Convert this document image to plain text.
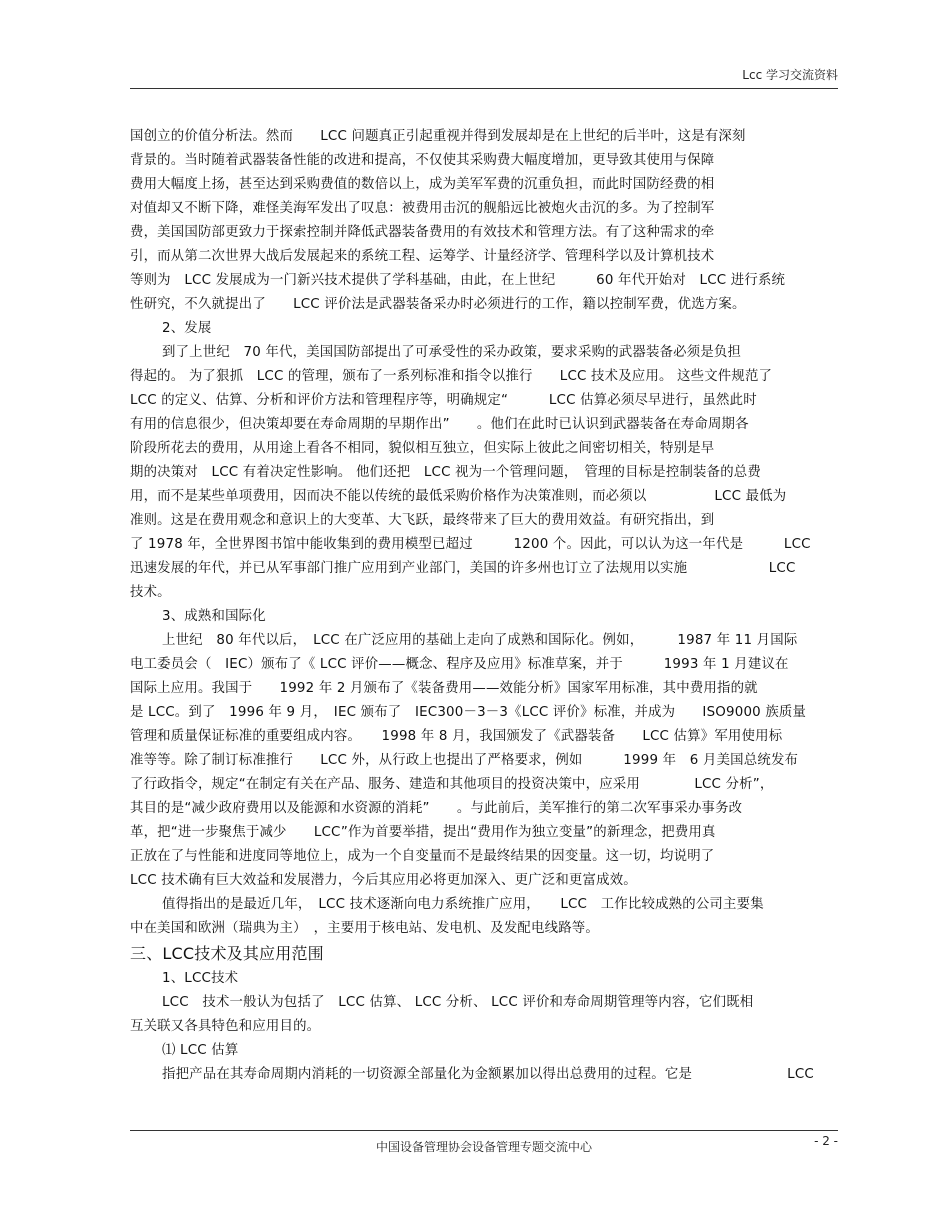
Lcc 学习交流资料
国创立的价值分析法。然而　　LCC 问题真正引起重视并得到发展却是在上世纪的后半叶，这是有深刻
背景的。当时随着武器装备性能的改进和提高，不仅使其采购费大幅度增加，更导致其使用与保障
费用大幅度上扬，甚至达到采购费值的数倍以上，成为美军军费的沉重负担，而此时国防经费的相
对值却又不断下降，难怪美海军发出了叹息：被费用击沉的舰船远比被炮火击沉的多。为了控制军
费，美国国防部更致力于探索控制并降低武器装备费用的有效技术和管理方法。有了这种需求的牵
引，而从第二次世界大战后发展起来的系统工程、运筹学、计量经济学、管理科学以及计算机技术
等则为　LCC 发展成为一门新兴技术提供了学科基础，由此，在上世纪　　　60 年代开始对　LCC 进行系统
性研究，不久就提出了　　LCC 评价法是武器装备采办时必须进行的工作，籍以控制军费，优选方案。
2、发展
到了上世纪　70 年代，美国国防部提出了可承受性的采办政策，要求采购的武器装备必须是负担
得起的。 为了狠抓　LCC 的管理，颁布了一系列标准和指令以推行　　LCC 技术及应用。 这些文件规范了
LCC 的定义、估算、分析和评价方法和管理程序等，明确规定“　　　LCC 估算必须尽早进行，虽然此时
有用的信息很少，但决策却要在寿命周期的早期作出”　　。他们在此时已认识到武器装备在寿命周期各
阶段所花去的费用，从用途上看各不相同，貌似相互独立，但实际上彼此之间密切相关，特别是早
期的决策对　LCC 有着决定性影响。 他们还把　LCC 视为一个管理问题，　管理的目标是控制装备的总费
用，而不是某些单项费用，因而决不能以传统的最低采购价格作为决策准则，而必须以　　　　　LCC 最低为
准则。这是在费用观念和意识上的大变革、大飞跃，最终带来了巨大的费用效益。有研究指出，到
了 1978 年，全世界图书馆中能收集到的费用模型已超过　　　1200 个。因此，可以认为这一年代是　　　LCC
迅速发展的年代，并已从军事部门推广应用到产业部门，美国的许多州也订立了法规用以实施　　　　　　LCC
技术。
3、成熟和国际化
上世纪　80 年代以后，　LCC 在广泛应用的基础上走向了成熟和国际化。例如，　　　1987 年 11 月国际
电工委员会（　IEC）颁布了《 LCC 评价——概念、程序及应用》标准草案，并于　　　1993 年 1 月建议在
国际上应用。我国于　　1992 年 2 月颁布了《装备费用——效能分析》国家军用标准，其中费用指的就
是 LCC。到了　1996 年 9 月，　IEC 颁布了　IEC300－3－3《LCC 评价》标准，并成为　　ISO9000 族质量
管理和质量保证标准的重要组成内容。　　1998 年 8 月，我国颁发了《武器装备　　LCC 估算》军用使用标
准等等。除了制订标准推行　　LCC 外，从行政上也提出了严格要求，例如　　　1999 年　6 月美国总统发布
了行政指令，规定“在制定有关在产品、服务、建造和其他项目的投资决策中，应采用　　　　LCC 分析”，
其目的是“减少政府费用以及能源和水资源的消耗”　　。与此前后，美军推行的第二次军事采办事务改
革，把“进一步聚焦于减少　　LCC”作为首要举措，提出“费用作为独立变量”的新理念，把费用真
正放在了与性能和进度同等地位上，成为一个自变量而不是最终结果的因变量。这一切，均说明了
LCC 技术确有巨大效益和发展潜力，今后其应用必将更加深入、更广泛和更富成效。
值得指出的是最近几年，　LCC 技术逐渐向电力系统推广应用，　　LCC　工作比较成熟的公司主要集
中在美国和欧洲（瑞典为主）　，主要用于核电站、发电机、及发配电线路等。
三、LCC技术及其应用范围
1、LCC技术
LCC　技术一般认为包括了　LCC 估算、 LCC 分析、 LCC 评价和寿命周期管理等内容，它们既相
互关联又各具特色和应用目的。
⑴ LCC 估算
指把产品在其寿命周期内消耗的一切资源全部量化为金额累加以得出总费用的过程。它是　　　　　　　LCC
中国设备管理协会设备管理专题交流中心	- 2 -
